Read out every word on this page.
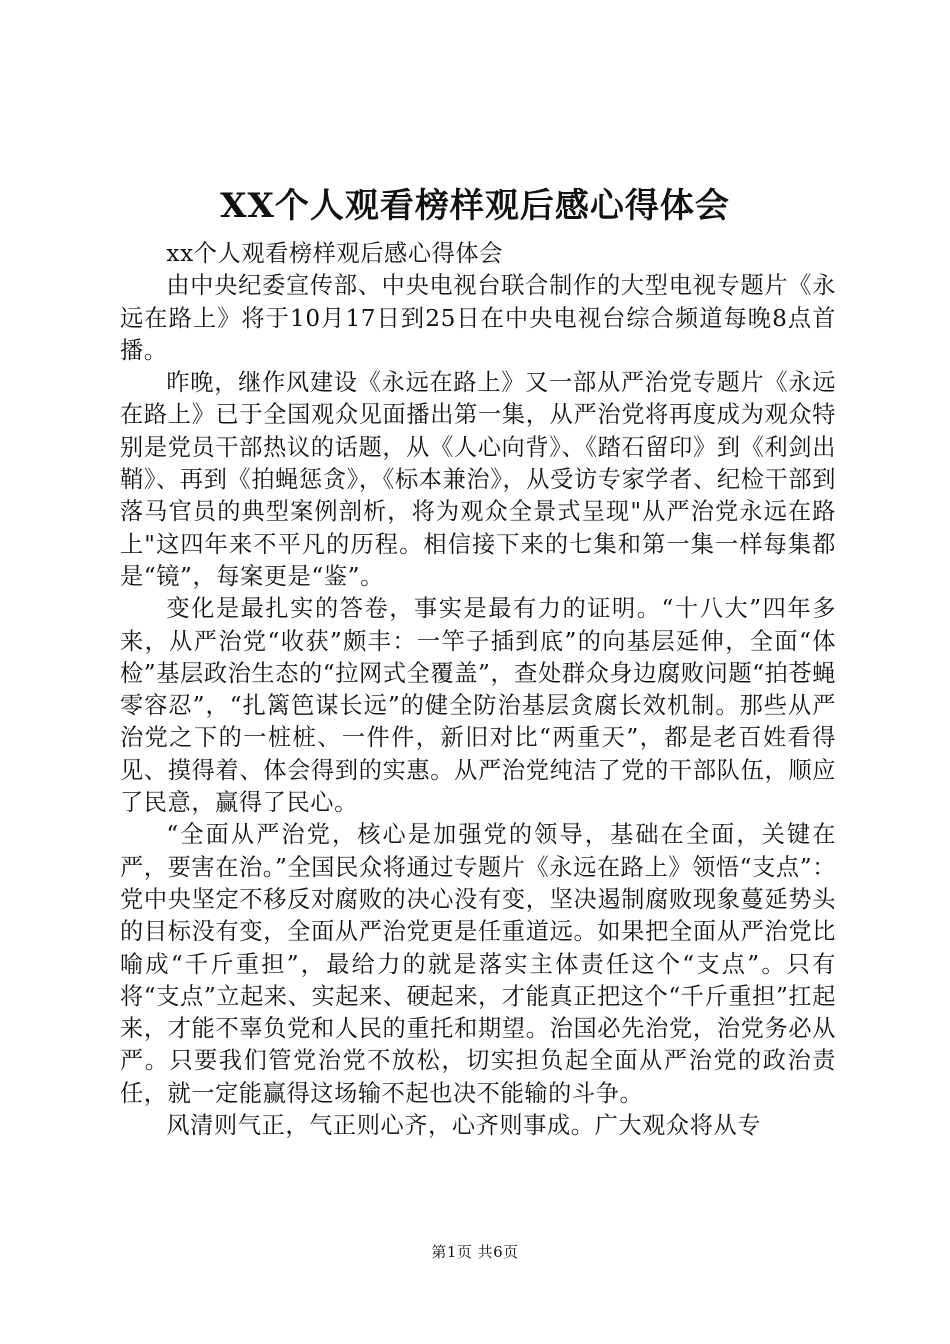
XX个人观看榜样观后感心得体会

xx个人观看榜样观后感心得体会

由中央纪委宣传部、中央电视台联合制作的大型电视专题片《永远在路上》将于10月17日到25日在中央电视台综合频道每晚8点首播。

昨晚，继作风建设《永远在路上》又一部从严治党专题片《永远在路上》已于全国观众见面播出第一集，从严治党将再度成为观众特别是党员干部热议的话题，从《人心向背》、《踏石留印》到《利剑出鞘》、再到《拍蝇惩贪》，《标本兼治》，从受访专家学者、纪检干部到落马官员的典型案例剖析，将为观众全景式呈现"从严治党永远在路上"这四年来不平凡的历程。相信接下来的七集和第一集一样每集都是“镜”，每案更是“鉴”。

变化是最扎实的答卷，事实是最有力的证明。“十八大”四年多来，从严治党“收获”颇丰：一竿子插到底”的向基层延伸，全面“体检”基层政治生态的“拉网式全覆盖”，查处群众身边腐败问题“拍苍蝇零容忍”，“扎篱笆谋长远”的健全防治基层贪腐长效机制。那些从严治党之下的一桩桩、一件件，新旧对比“两重天”，都是老百姓看得见、摸得着、体会得到的实惠。从严治党纯洁了党的干部队伍，顺应了民意，赢得了民心。

“全面从严治党，核心是加强党的领导，基础在全面，关键在严，要害在治。”全国民众将通过专题片《永远在路上》领悟“支点”：党中央坚定不移反对腐败的决心没有变，坚决遏制腐败现象蔓延势头的目标没有变，全面从严治党更是任重道远。如果把全面从严治党比喻成“千斤重担”，最给力的就是落实主体责任这个“支点”。只有将“支点”立起来、实起来、硬起来，才能真正把这个“千斤重担”扛起来，才能不辜负党和人民的重托和期望。治国必先治党，治党务必从严。只要我们管党治党不放松，切实担负起全面从严治党的政治责任，就一定能赢得这场输不起也决不能输的斗争。

风清则气正，气正则心齐，心齐则事成。广大观众将从专

第1页 共6页
